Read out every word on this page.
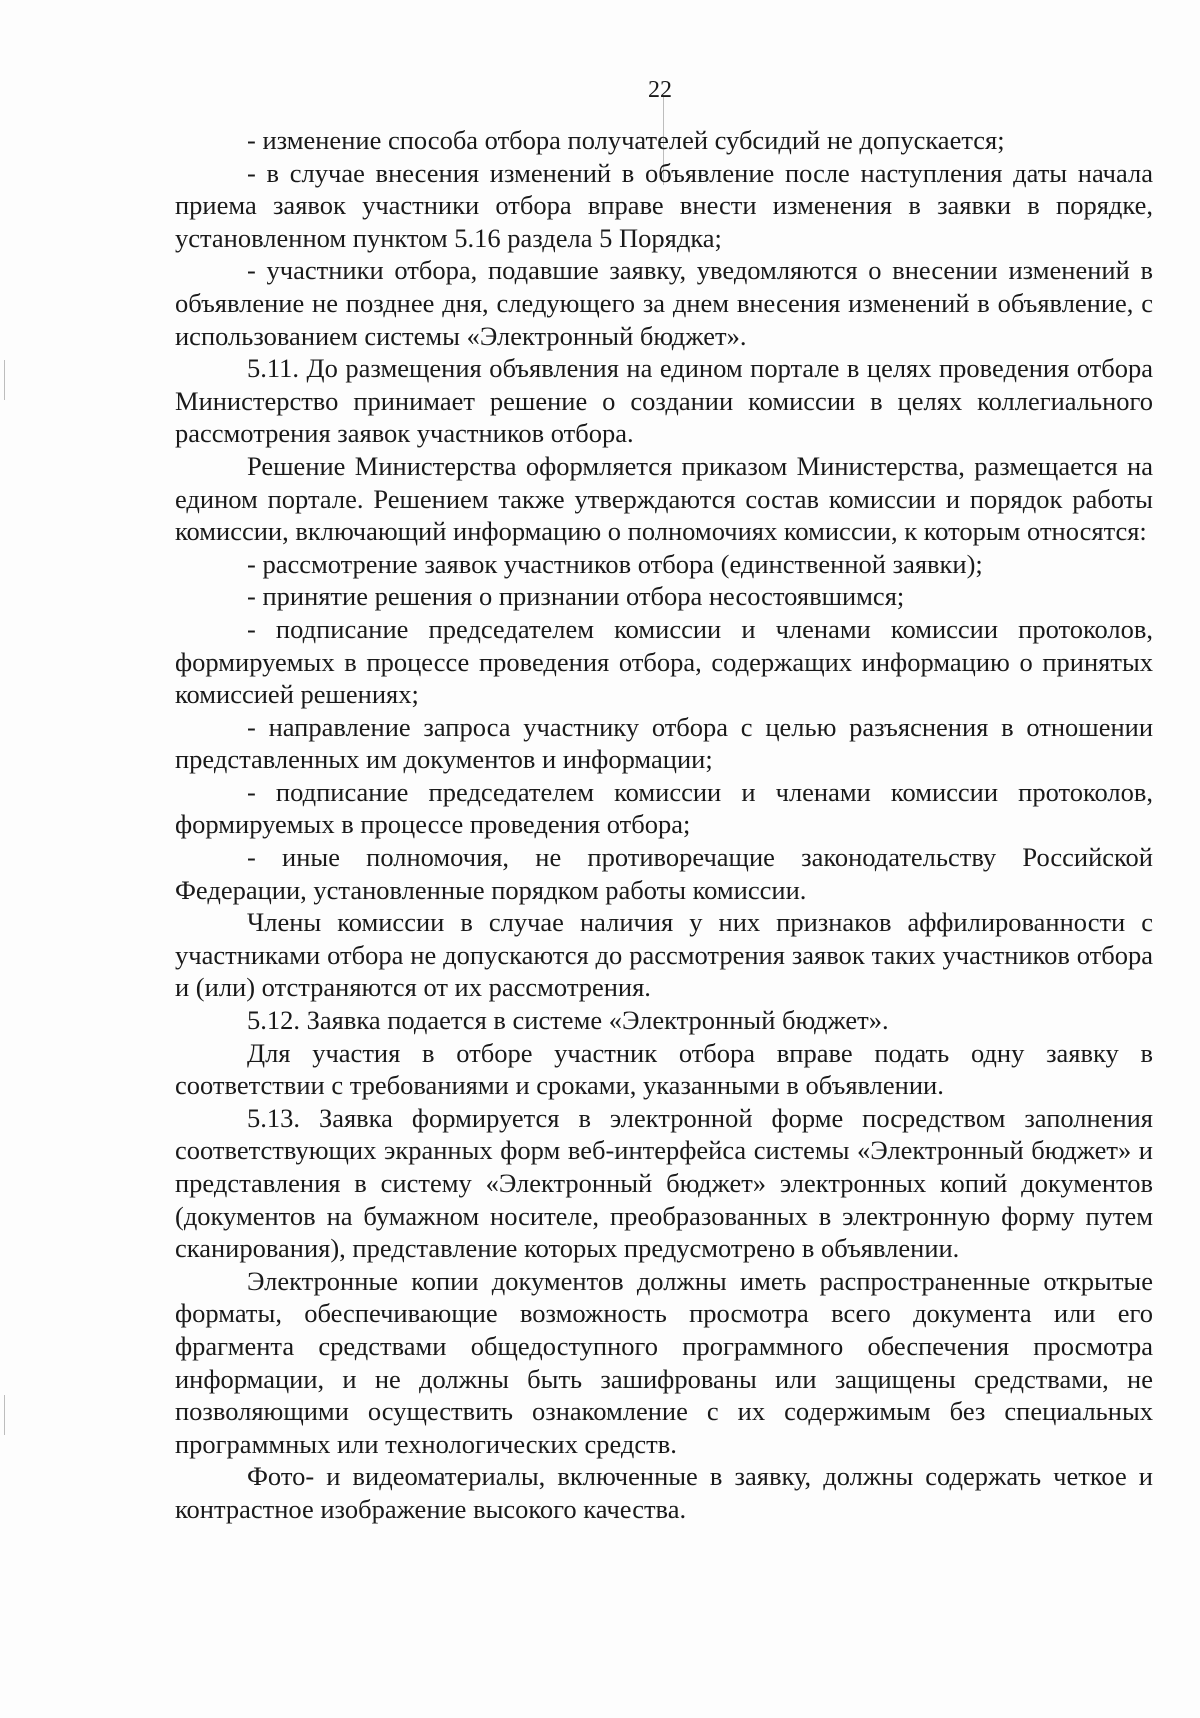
22

- изменение способа отбора получателей субсидий не допускается;

- в случае внесения изменений в объявление после наступления даты начала приема заявок участники отбора вправе внести изменения в заявки в порядке, установленном пунктом 5.16 раздела 5 Порядка;

- участники отбора, подавшие заявку, уведомляются о внесении изменений в объявление не позднее дня, следующего за днем внесения изменений в объявление, с использованием системы «Электронный бюджет».

5.11. До размещения объявления на едином портале в целях проведения отбора Министерство принимает решение о создании комиссии в целях коллегиального рассмотрения заявок участников отбора.

Решение Министерства оформляется приказом Министерства, размещается на едином портале. Решением также утверждаются состав комиссии и порядок работы комиссии, включающий информацию о полномочиях комиссии, к которым относятся:

- рассмотрение заявок участников отбора (единственной заявки);

- принятие решения о признании отбора несостоявшимся;

- подписание председателем комиссии и членами комиссии протоколов, формируемых в процессе проведения отбора, содержащих информацию о принятых комиссией решениях;

- направление запроса участнику отбора с целью разъяснения в отношении представленных им документов и информации;

- подписание председателем комиссии и членами комиссии протоколов, формируемых в процессе проведения отбора;

- иные полномочия, не противоречащие законодательству Российской Федерации, установленные порядком работы комиссии.

Члены комиссии в случае наличия у них признаков аффилированности с участниками отбора не допускаются до рассмотрения заявок таких участников отбора и (или) отстраняются от их рассмотрения.

5.12. Заявка подается в системе «Электронный бюджет».

Для участия в отборе участник отбора вправе подать одну заявку в соответствии с требованиями и сроками, указанными в объявлении.

5.13. Заявка формируется в электронной форме посредством заполнения соответствующих экранных форм веб-интерфейса системы «Электронный бюджет» и представления в систему «Электронный бюджет» электронных копий документов (документов на бумажном носителе, преобразованных в электронную форму путем сканирования), представление которых предусмотрено в объявлении.

Электронные копии документов должны иметь распространенные открытые форматы, обеспечивающие возможность просмотра всего документа или его фрагмента средствами общедоступного программного обеспечения просмотра информации, и не должны быть зашифрованы или защищены средствами, не позволяющими осуществить ознакомление с их содержимым без специальных программных или технологических средств.

Фото- и видеоматериалы, включенные в заявку, должны содержать четкое и контрастное изображение высокого качества.
